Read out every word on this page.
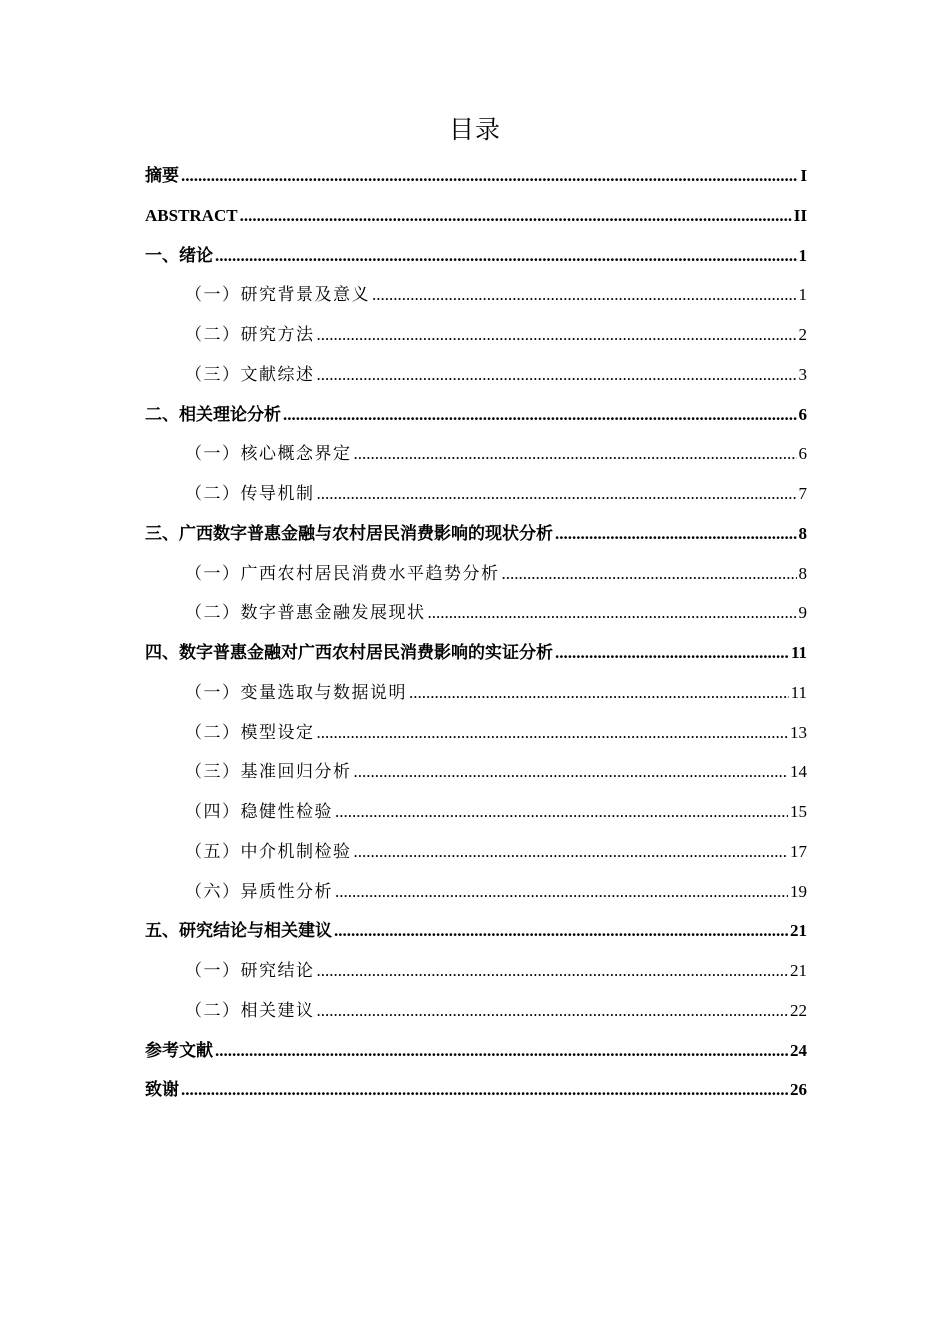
目录
摘要 .....	I
ABSTRACT .....	II
一、绪论 .....	1
（一）研究背景及意义 .....	1
（二）研究方法 .....	2
（三）文献综述 .....	3
二、相关理论分析 .....	6
（一）核心概念界定 .....	6
（二）传导机制 .....	7
三、广西数字普惠金融与农村居民消费影响的现状分析 .....	8
（一）广西农村居民消费水平趋势分析 .....	8
（二）数字普惠金融发展现状 .....	9
四、数字普惠金融对广西农村居民消费影响的实证分析 .....	11
（一）变量选取与数据说明 .....	11
（二）模型设定 .....	13
（三）基准回归分析 .....	14
（四）稳健性检验 .....	15
（五）中介机制检验 .....	17
（六）异质性分析 .....	19
五、研究结论与相关建议 .....	21
（一）研究结论 .....	21
（二）相关建议 .....	22
参考文献 .....	24
致谢 .....	26
